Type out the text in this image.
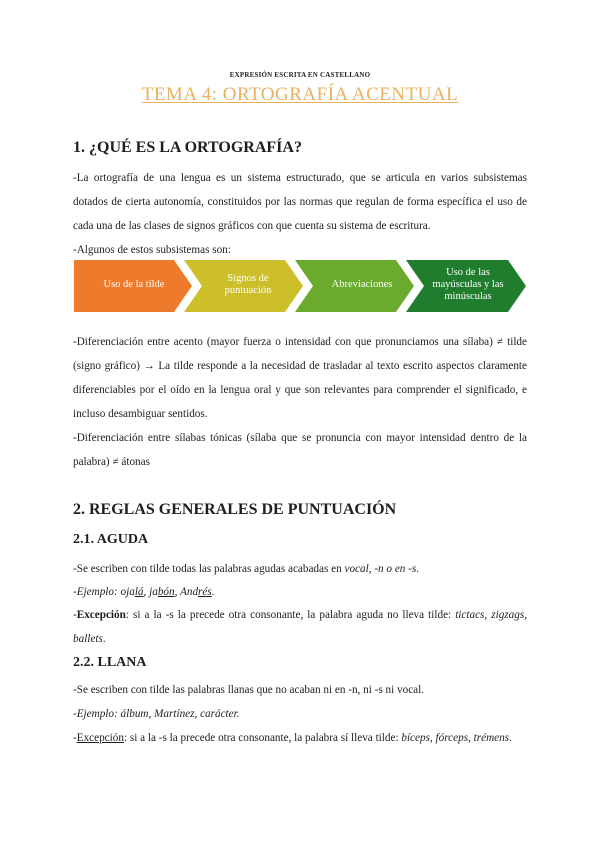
EXPRESIÓN ESCRITA EN CASTELLANO
TEMA 4: ORTOGRAFÍA ACENTUAL
1. ¿QUÉ ES LA ORTOGRAFÍA?
-La ortografía de una lengua es un sistema estructurado, que se articula en varios subsistemas dotados de cierta autonomía, constituidos por las normas que regulan de forma específica el uso de cada una de las clases de signos gráficos con que cuenta su sistema de escritura.
-Algunos de estos subsistemas son:
Uso de la tilde
Signos de puntuación
Abreviaciones
Uso de las mayúsculas y las minúsculas
-Diferenciación entre acento (mayor fuerza o intensidad con que pronunciamos una sílaba) ≠ tilde (signo gráfico) → La tilde responde a la necesidad de trasladar al texto escrito aspectos claramente diferenciables por el oído en la lengua oral y que son relevantes para comprender el significado, e incluso desambiguar sentidos.
-Diferenciación entre sílabas tónicas (sílaba que se pronuncia con mayor intensidad dentro de la palabra) ≠ átonas
2. REGLAS GENERALES DE PUNTUACIÓN
2.1. AGUDA
-Se escriben con tilde todas las palabras agudas acabadas en vocal, -n o en -s.
-Ejemplo: ojalá, jabón, Andrés.
-Excepción: si a la -s la precede otra consonante, la palabra aguda no lleva tilde: tictacs, zigzags, ballets.
2.2. LLANA
-Se escriben con tilde las palabras llanas que no acaban ni en -n, ni -s ni vocal.
-Ejemplo: álbum, Martínez, carácter.
-Excepción: si a la -s la precede otra consonante, la palabra sí lleva tilde: bíceps, fórceps, trémens.
